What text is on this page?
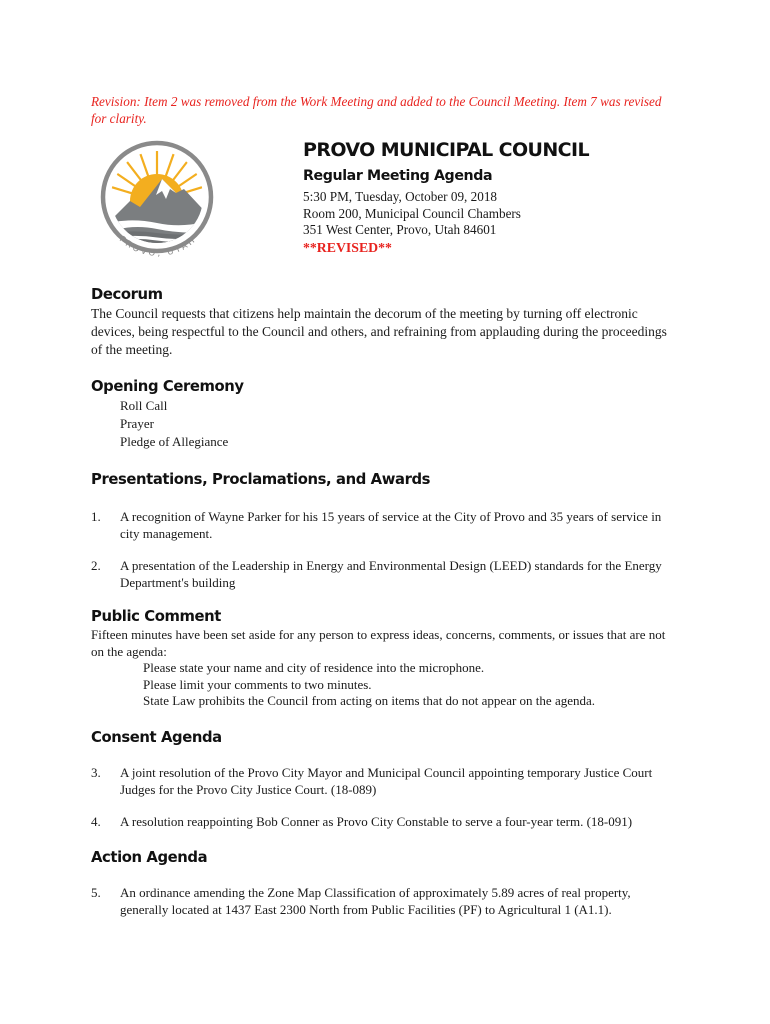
Revision: Item 2 was removed from the Work Meeting and added to the Council Meeting. Item 7 was revised for clarity.
PROVO, UTAH
PROVO MUNICIPAL COUNCIL
Regular Meeting Agenda
5:30 PM, Tuesday, October 09, 2018
Room 200, Municipal Council Chambers
351 West Center, Provo, Utah 84601
**REVISED**
Decorum
The Council requests that citizens help maintain the decorum of the meeting by turning off electronic devices, being respectful to the Council and others, and refraining from applauding during the proceedings of the meeting.
Opening Ceremony
Roll Call
Prayer
Pledge of Allegiance
Presentations, Proclamations, and Awards
1. A recognition of Wayne Parker for his 15 years of service at the City of Provo and 35 years of service in city management.
2. A presentation of the Leadership in Energy and Environmental Design (LEED) standards for the Energy Department's building
Public Comment
Fifteen minutes have been set aside for any person to express ideas, concerns, comments, or issues that are not on the agenda:
Please state your name and city of residence into the microphone.
Please limit your comments to two minutes.
State Law prohibits the Council from acting on items that do not appear on the agenda.
Consent Agenda
3. A joint resolution of the Provo City Mayor and Municipal Council appointing temporary Justice Court Judges for the Provo City Justice Court. (18-089)
4. A resolution reappointing Bob Conner as Provo City Constable to serve a four-year term. (18-091)
Action Agenda
5. An ordinance amending the Zone Map Classification of approximately 5.89 acres of real property, generally located at 1437 East 2300 North from Public Facilities (PF) to Agricultural 1 (A1.1).
